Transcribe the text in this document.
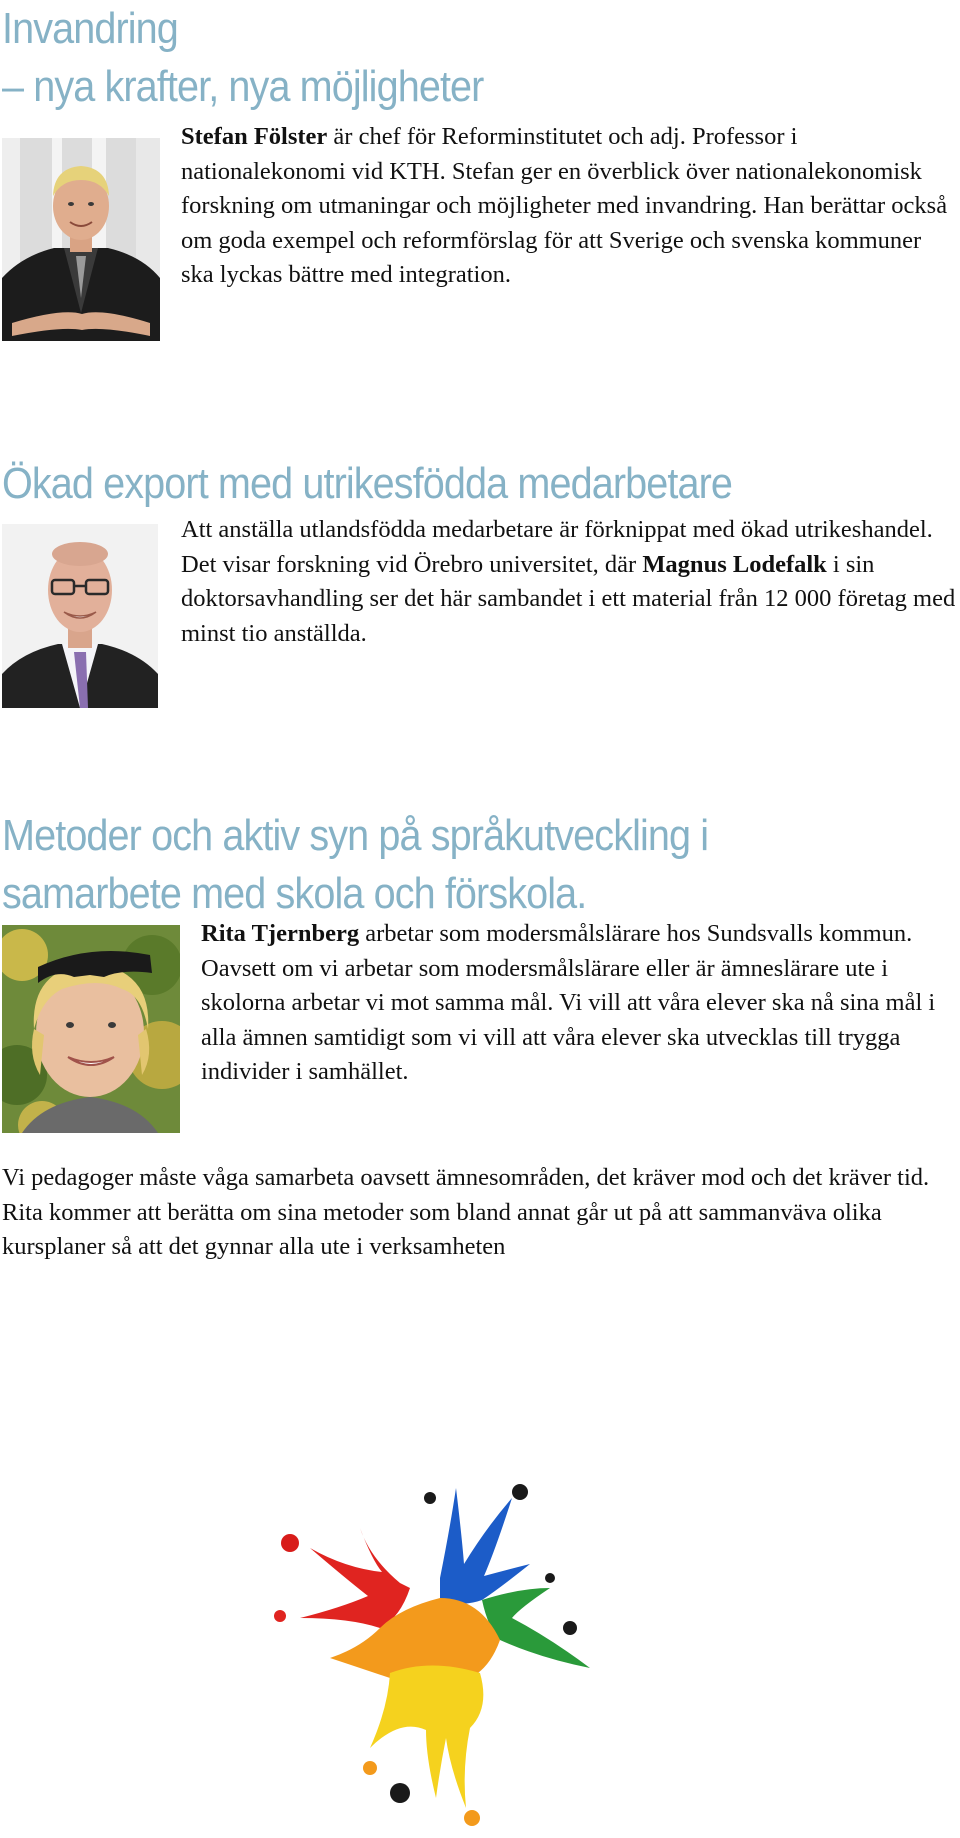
Invandring
– nya krafter, nya möjligheter

Stefan Fölster är chef för Reforminstitutet och adj. Professor i nationalekonomi vid KTH. Stefan ger en överblick över nationalekonomisk forskning om utmaningar och möjligheter med invandring. Han berättar också om goda exempel och reformförslag för att Sverige och svenska kommuner ska lyckas bättre med integration.

Ökad export med utrikesfödda medarbetare

Att anställa utlandsfödda medarbetare är förknippat med ökad utrikeshandel. Det visar forskning vid Örebro universitet, där Magnus Lodefalk i sin doktorsavhandling ser det här sambandet i ett material från 12 000 företag med minst tio anställda.

Metoder och aktiv syn på språkutveckling i
samarbete med skola och förskola.

Rita Tjernberg arbetar som modersmålslärare hos Sundsvalls kommun. Oavsett om vi arbetar som modersmålslärare eller är ämneslärare ute i skolorna arbetar vi mot samma mål. Vi vill att våra elever ska nå sina mål i alla ämnen samtidigt som vi vill att våra elever ska utvecklas till trygga individer i samhället.

Vi pedagoger måste våga samarbeta oavsett ämnesområden, det kräver mod och det kräver tid. Rita kommer att berätta om sina metoder som bland annat går ut på att sammanväva olika kursplaner så att det gynnar alla ute i verksamheten
